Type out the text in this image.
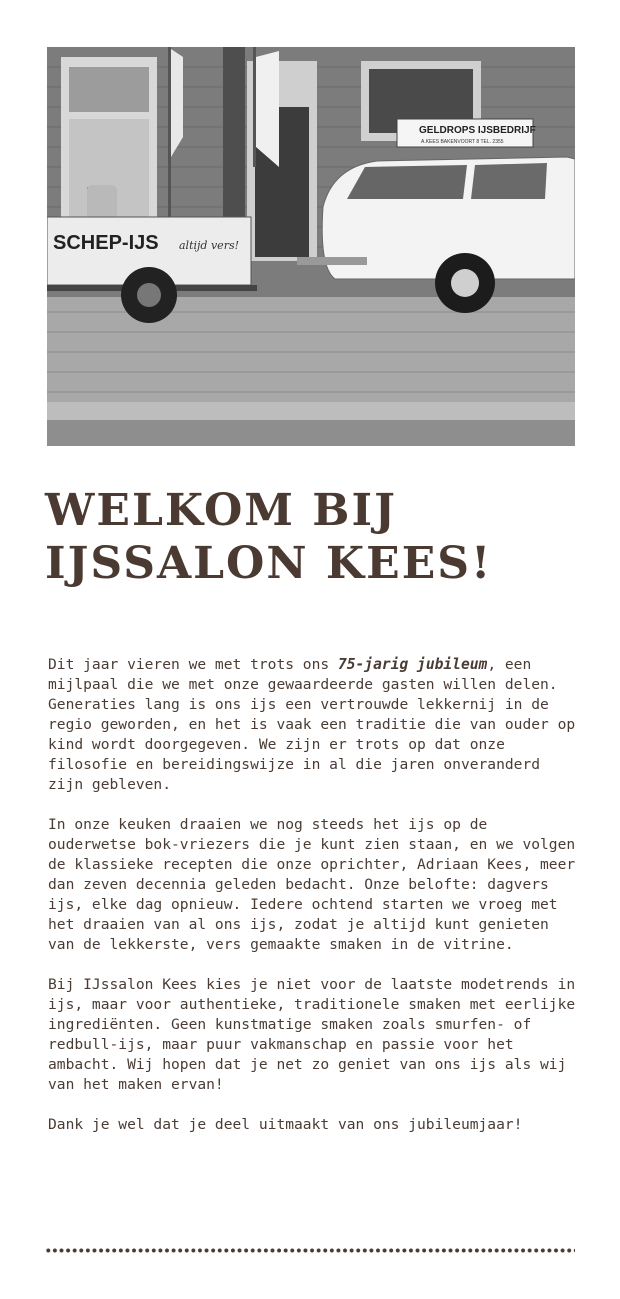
SCHEP-IJS altijd vers!
GELDROPS IJSBEDRIJF
A.KEES BAKENVOORT 8 TEL. 2355
WELKOM BIJ
IJSSALON KEES!

Dit jaar vieren we met trots ons 75-jarig jubileum, een mijlpaal die we met onze gewaardeerde gasten willen delen. Generaties lang is ons ijs een vertrouwde lekkernij in de regio geworden, en het is vaak een traditie die van ouder op kind wordt doorgegeven. We zijn er trots op dat onze filosofie en bereidingswijze in al die jaren onveranderd zijn gebleven.

In onze keuken draaien we nog steeds het ijs op de ouderwetse bok-vriezers die je kunt zien staan, en we volgen de klassieke recepten die onze oprichter, Adriaan Kees, meer dan zeven decennia geleden bedacht. Onze belofte: dagvers ijs, elke dag opnieuw. Iedere ochtend starten we vroeg met het draaien van al ons ijs, zodat je altijd kunt genieten van de lekkerste, vers gemaakte smaken in de vitrine.

Bij IJssalon Kees kies je niet voor de laatste modetrends in ijs, maar voor authentieke, traditionele smaken met eerlijke ingrediënten. Geen kunstmatige smaken zoals smurfen- of redbull-ijs, maar puur vakmanschap en passie voor het ambacht. Wij hopen dat je net zo geniet van ons ijs als wij van het maken ervan!

Dank je wel dat je deel uitmaakt van ons jubileumjaar!
